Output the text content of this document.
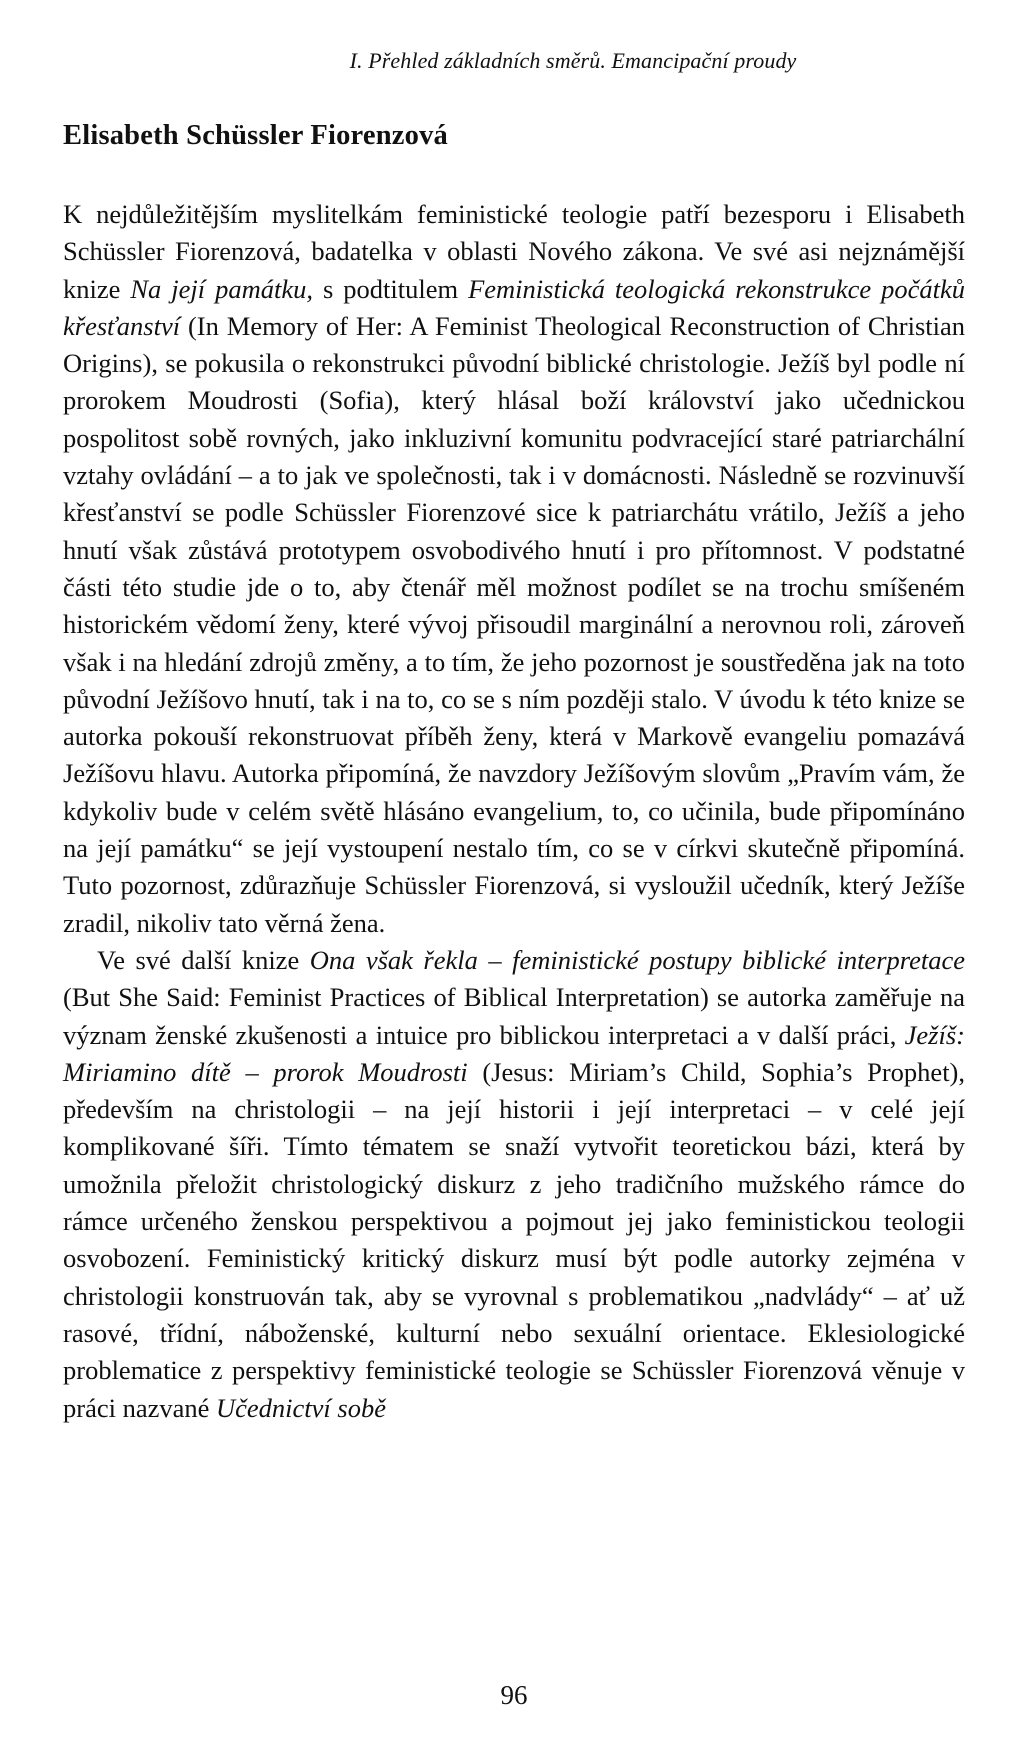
I. Přehled základních směrů. Emancipační proudy
Elisabeth Schüssler Fiorenzová

K nejdůležitějším myslitelkám feministické teologie patří bezesporu i Elisabeth Schüssler Fiorenzová, badatelka v oblasti Nového zákona. Ve své asi nejznámější knize Na její památku, s podtitulem Feministická teologická rekonstrukce počátků křesťanství (In Memory of Her: A Feminist Theological Reconstruction of Christian Origins), se pokusila o rekonstrukci původní biblické christologie. Ježíš byl podle ní prorokem Moudrosti (Sofia), který hlásal boží království jako učednickou pospolitost sobě rovných, jako inkluzivní komunitu podvracející staré patriarchální vztahy ovládání – a to jak ve společnosti, tak i v domácnosti. Následně se rozvinuvší křesťanství se podle Schüssler Fiorenzové sice k patriarchátu vrátilo, Ježíš a jeho hnutí však zůstává prototypem osvobodivého hnutí i pro přítomnost. V podstatné části této studie jde o to, aby čtenář měl možnost podílet se na trochu smíšeném historickém vědomí ženy, které vývoj přisoudil marginální a nerovnou roli, zároveň však i na hledání zdrojů změny, a to tím, že jeho pozornost je soustředěna jak na toto původní Ježíšovo hnutí, tak i na to, co se s ním později stalo. V úvodu k této knize se autorka pokouší rekonstruovat příběh ženy, která v Markově evangeliu pomazává Ježíšovu hlavu. Autorka připomíná, že navzdory Ježíšovým slovům „Pravím vám, že kdykoliv bude v celém světě hlásáno evangelium, to, co učinila, bude připomínáno na její památku“ se její vystoupení nestalo tím, co se v církvi skutečně připomíná. Tuto pozornost, zdůrazňuje Schüssler Fiorenzová, si vysloužil učedník, který Ježíše zradil, nikoliv tato věrná žena.

Ve své další knize Ona však řekla – feministické postupy biblické interpretace (But She Said: Feminist Practices of Biblical Interpretation) se autorka zaměřuje na význam ženské zkušenosti a intuice pro biblickou interpretaci a v další práci, Ježíš: Miriamino dítě – prorok Moudrosti (Jesus: Miriam’s Child, Sophia’s Prophet), především na christologii – na její historii i její interpretaci – v celé její komplikované šíři. Tímto tématem se snaží vytvořit teoretickou bázi, která by umožnila přeložit christologický diskurz z jeho tradičního mužského rámce do rámce určeného ženskou perspektivou a pojmout jej jako feministickou teologii osvobození. Feministický kritický diskurz musí být podle autorky zejména v christologii konstruován tak, aby se vyrovnal s problematikou „nadvlády“ – ať už rasové, třídní, náboženské, kulturní nebo sexuální orientace. Eklesiologické problematice z perspektivy feministické teologie se Schüssler Fiorenzová věnuje v práci nazvané Učednictví sobě

96
